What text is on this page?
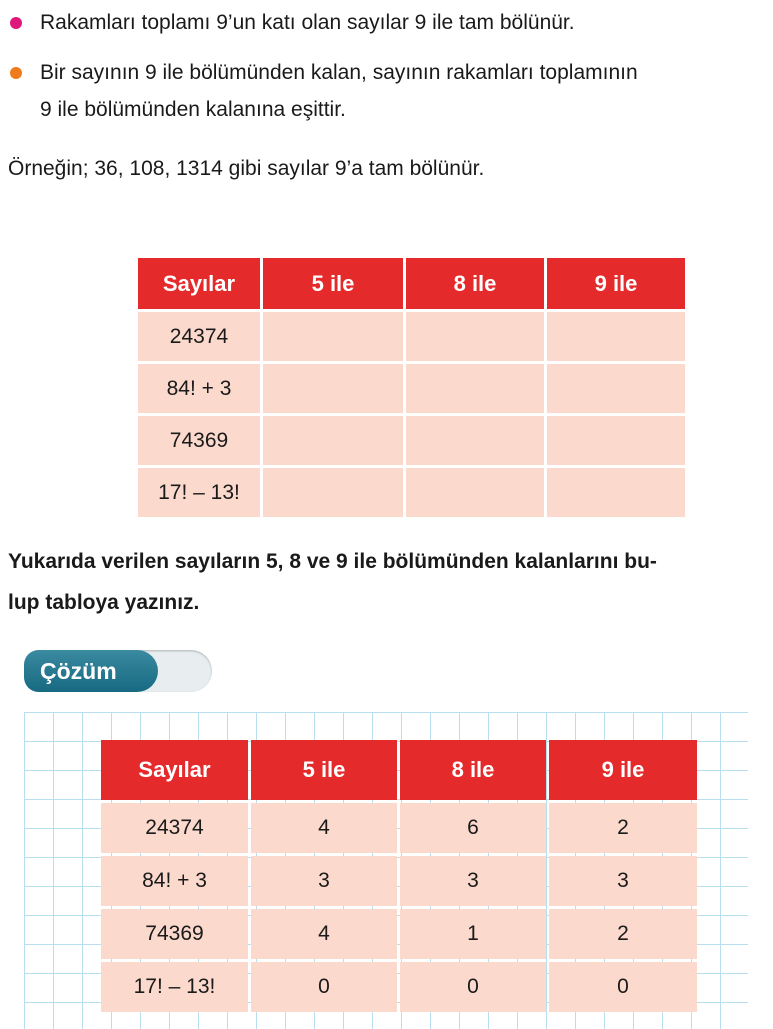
Rakamları toplamı 9’un katı olan sayılar 9 ile tam bölünür.
Bir sayının 9 ile bölümünden kalan, sayının rakamları toplamının
9 ile bölümünden kalanına eşittir.
Örneğin; 36, 108, 1314 gibi sayılar 9’a tam bölünür.
Sayılar	5 ile	8 ile	9 ile
24374			
84! + 3			
74369			
17! – 13!			
Yukarıda verilen sayıların 5, 8 ve 9 ile bölümünden kalanlarını bu-
lup tabloya yazınız.
Çözüm
Sayılar	5 ile	8 ile	9 ile
24374	4	6	2
84! + 3	3	3	3
74369	4	1	2
17! – 13!	0	0	0
